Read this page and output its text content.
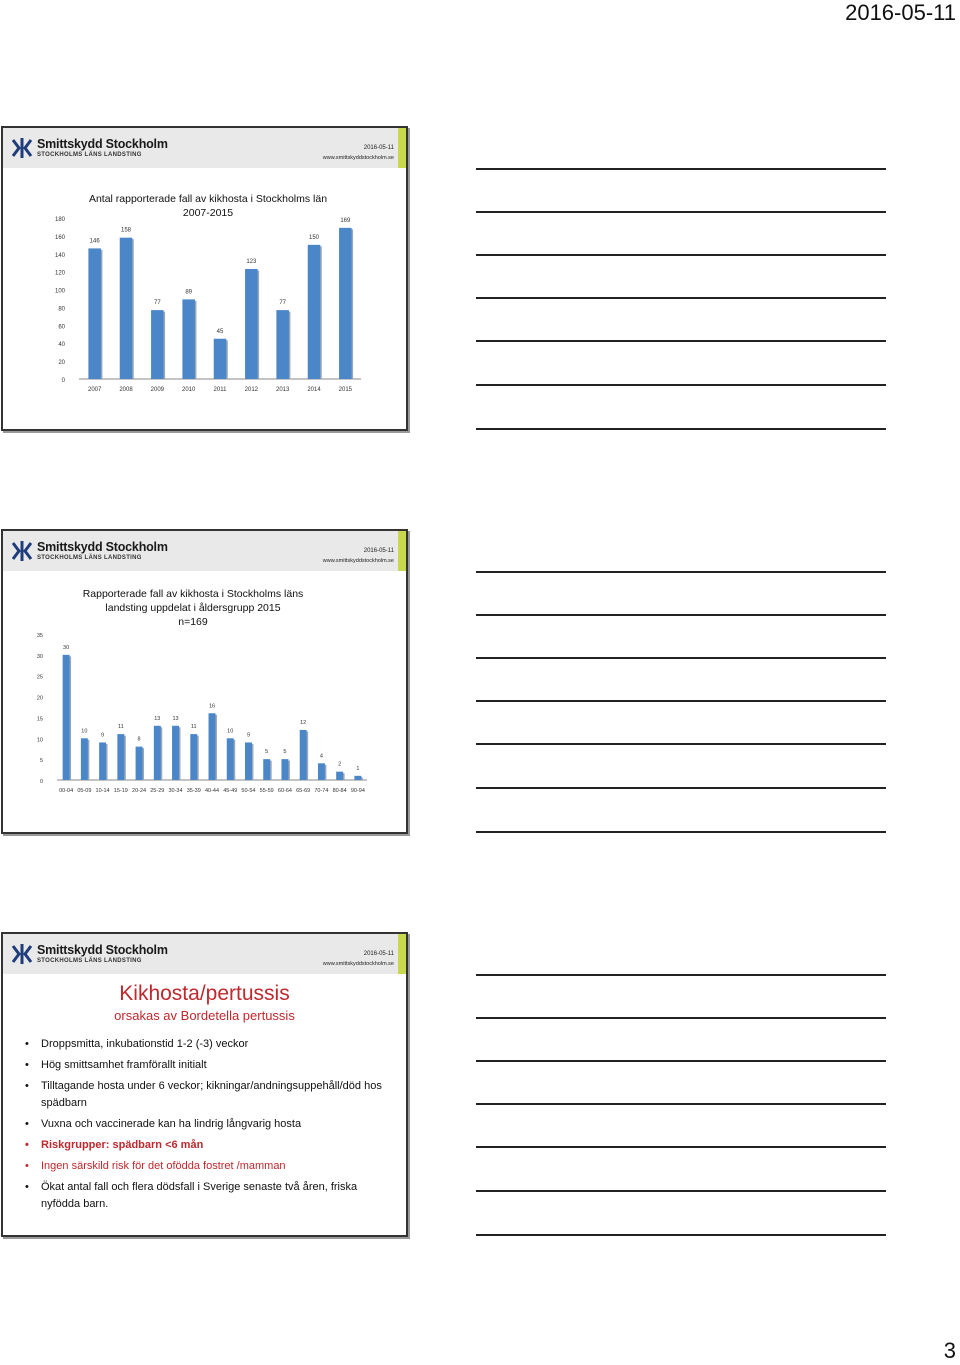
2016-05-11
3
Smittskydd Stockholm
STOCKHOLMS LÄNS LANDSTING
2016-05-11
www.smittskyddstockholm.se
Antal rapporterade fall av kikhosta i Stockholms län
2007-2015
0
20
40
60
80
100
120
140
160
180
146
2007
158
2008
77
2009
89
2010
45
2011
123
2012
77
2013
150
2014
169
2015
Smittskydd Stockholm
STOCKHOLMS LÄNS LANDSTING
2016-05-11
www.smittskyddstockholm.se
Rapporterade fall av kikhosta i Stockholms läns
landsting uppdelat i åldersgrupp 2015
n=169
0
5
10
15
20
25
30
35
30
00-04
10
05-09
9
10-14
11
15-19
8
20-24
13
25-29
13
30-34
11
35-39
16
40-44
10
45-49
9
50-54
5
55-59
5
60-64
12
65-69
4
70-74
2
80-84
1
90-94
Smittskydd Stockholm
STOCKHOLMS LÄNS LANDSTING
2016-05-11
www.smittskyddstockholm.se
Kikhosta/pertussis
orsakas av Bordetella pertussis
• Droppsmitta, inkubationstid 1-2 (-3) veckor
• Hög smittsamhet framförallt initialt
• Tilltagande hosta under 6 veckor; kikningar/andningsuppehåll/död hos spädbarn
• Vuxna och vaccinerade kan ha lindrig långvarig hosta
• Riskgrupper: spädbarn <6 mån
• Ingen särskild risk för det ofödda fostret /mamman
• Ökat antal fall och flera dödsfall i Sverige senaste två åren, friska nyfödda barn.
